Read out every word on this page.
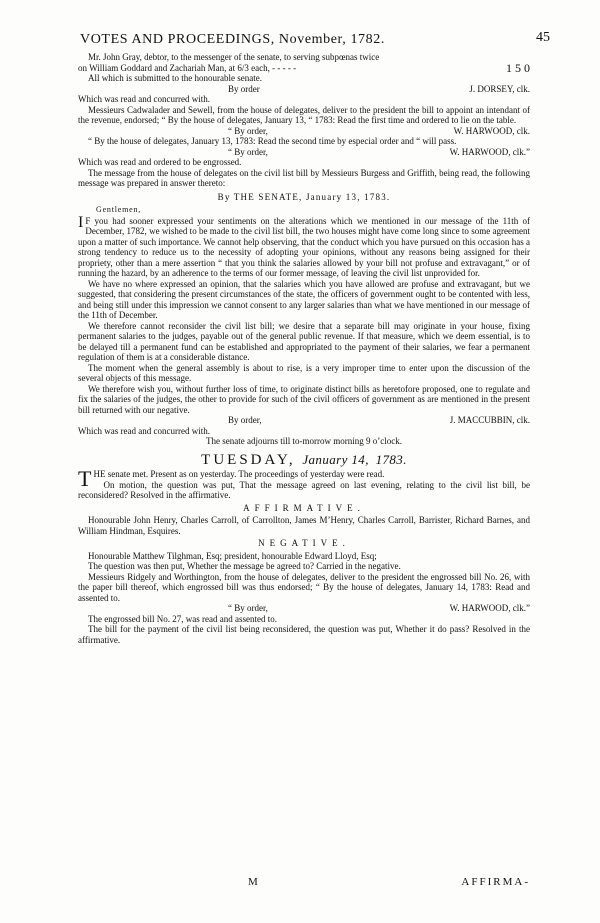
VOTES AND PROCEEDINGS, November, 1782.	45

Mr. John Gray, debtor, to the messenger of the senate, to serving subpœnas twice

on William Goddard and Zachariah Man, at 6/3 each, - - - - -	1 5 0

All which is submitted to the honourable senate.

By order	J. DORSEY, clk.

Which was read and concurred with.

Messieurs Cadwalader and Sewell, from the house of delegates, deliver to the president the bill to appoint an intendant of the revenue, endorsed; “ By the house of delegates, January 13, “ 1783: Read the first time and ordered to lie on the table.

“ By order,	W. HARWOOD, clk.

“ By the house of delegates, January 13, 1783: Read the second time by especial order and “ will pass.

“ By order,	W. HARWOOD, clk.”

Which was read and ordered to be engrossed.

The message from the house of delegates on the civil list bill by Messieurs Burgess and Griffith, being read, the following message was prepared in answer thereto:

By THE SENATE, January 13, 1783.
Gentlemen,

I F you had sooner expressed your sentiments on the alterations which we mentioned in our message of the 11th of December, 1782, we wished to be made to the civil list bill, the two houses might have come long since to some agreement upon a matter of such importance. We cannot help observing, that the conduct which you have pursued on this occasion has a strong tendency to reduce us to the necessity of adopting your opinions, without any reasons being assigned for their propriety, other than a mere assertion “ that you think the salaries allowed by your bill not profuse and extravagant,” or of running the hazard, by an adherence to the terms of our former message, of leaving the civil list unprovided for.

We have no where expressed an opinion, that the salaries which you have allowed are profuse and extravagant, but we suggested, that considering the present circumstances of the state, the officers of government ought to be contented with less, and being still under this impression we cannot consent to any larger salaries than what we have mentioned in our message of the 11th of December.

We therefore cannot reconsider the civil list bill; we desire that a separate bill may originate in your house, fixing permanent salaries to the judges, payable out of the general public revenue. If that measure, which we deem essential, is to be delayed till a permanent fund can be established and appropriated to the payment of their salaries, we fear a permanent regulation of them is at a considerable distance.

The moment when the general assembly is about to rise, is a very improper time to enter upon the discussion of the several objects of this message.

We therefore wish you, without further loss of time, to originate distinct bills as heretofore proposed, one to regulate and fix the salaries of the judges, the other to provide for such of the civil officers of government as are mentioned in the present bill returned with our negative.

By order,	J. MACCUBBIN, clk.

Which was read and concurred with.

The senate adjourns till to-morrow morning 9 o’clock.

TUESDAY, January 14, 1783.

THE senate met. Present as on yesterday. The proceedings of yesterday were read.

On motion, the question was put, That the message agreed on last evening, relating to the civil list bill, be reconsidered? Resolved in the affirmative.

AFFIRMATIVE.

Honourable John Henry, Charles Carroll, of Carrollton, James M’Henry, Charles Carroll, Barrister, Richard Barnes, and William Hindman, Esquires.

NEGATIVE.

Honourable Matthew Tilghman, Esq; president, honourable Edward Lloyd, Esq;

The question was then put, Whether the message be agreed to? Carried in the negative.

Messieurs Ridgely and Worthington, from the house of delegates, deliver to the president the engrossed bill No. 26, with the paper bill thereof, which engrossed bill was thus endorsed; “ By the house of delegates, January 14, 1783: Read and assented to.

“ By order,	W. HARWOOD, clk.”

The engrossed bill No. 27, was read and assented to.

The bill for the payment of the civil list being reconsidered, the question was put, Whether it do pass? Resolved in the affirmative.

M	AFFIRMA-
